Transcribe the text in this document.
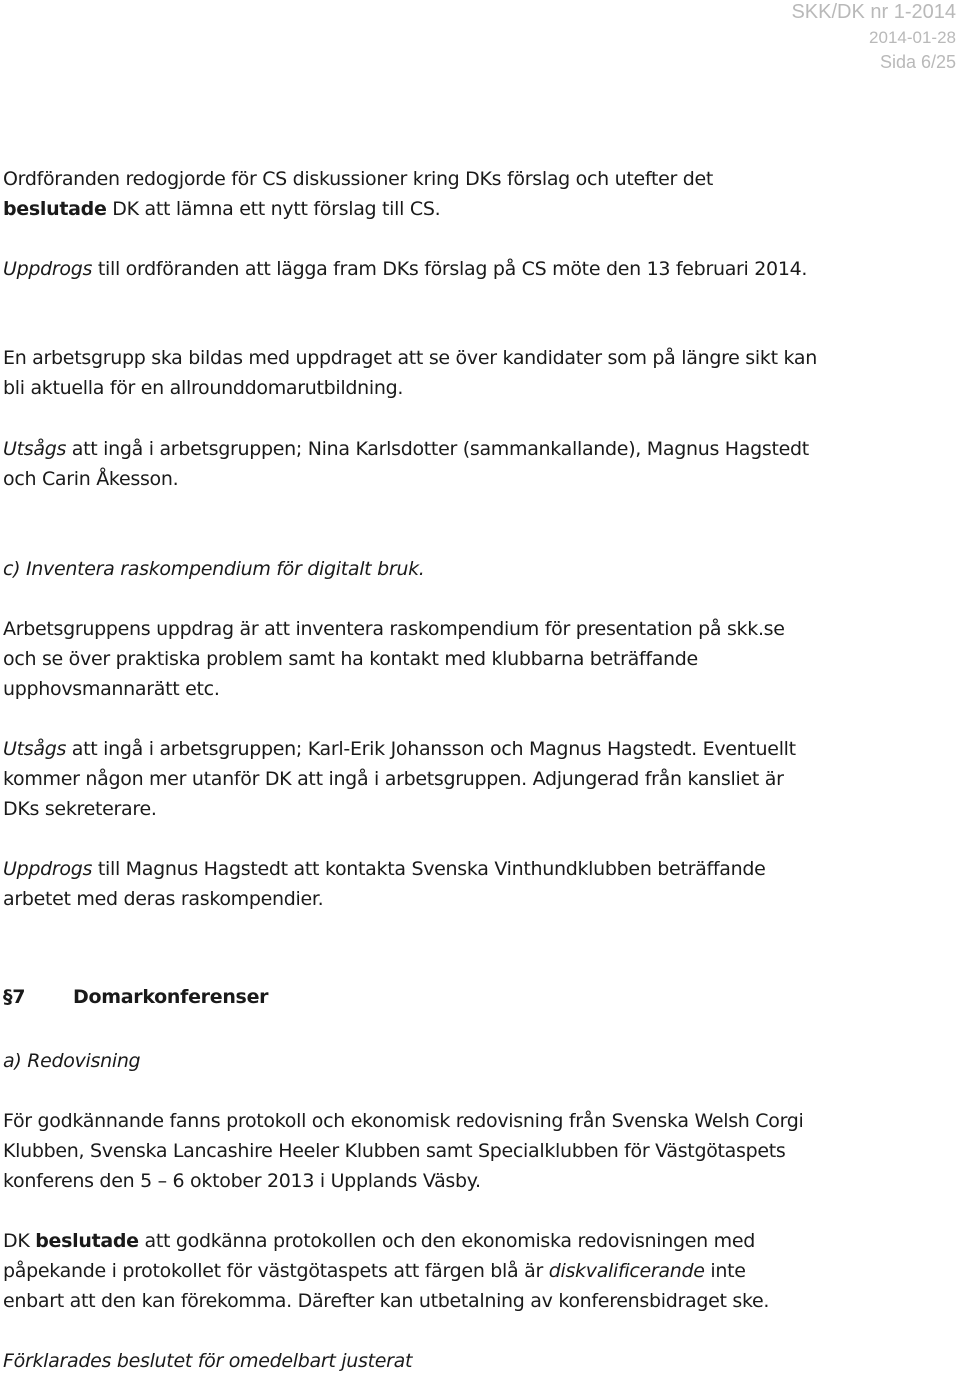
SKK/DK nr 1-2014
2014-01-28
Sida 6/25
Ordföranden redogjorde för CS diskussioner kring DKs förslag och utefter det
beslutade DK att lämna ett nytt förslag till CS.
Uppdrogs till ordföranden att lägga fram DKs förslag på CS möte den 13 februari 2014.
En arbetsgrupp ska bildas med uppdraget att se över kandidater som på längre sikt kan
bli aktuella för en allrounddomarutbildning.
Utsågs att ingå i arbetsgruppen; Nina Karlsdotter (sammankallande), Magnus Hagstedt
och Carin Åkesson.
c) Inventera raskompendium för digitalt bruk.
Arbetsgruppens uppdrag är att inventera raskompendium för presentation på skk.se
och se över praktiska problem samt ha kontakt med klubbarna beträffande
upphovsmannarätt etc.
Utsågs att ingå i arbetsgruppen; Karl-Erik Johansson och Magnus Hagstedt. Eventuellt
kommer någon mer utanför DK att ingå i arbetsgruppen. Adjungerad från kansliet är
DKs sekreterare.
Uppdrogs till Magnus Hagstedt att kontakta Svenska Vinthundklubben beträffande
arbetet med deras raskompendier.
§7	Domarkonferenser
a) Redovisning
För godkännande fanns protokoll och ekonomisk redovisning från Svenska Welsh Corgi
Klubben, Svenska Lancashire Heeler Klubben samt Specialklubben för Västgötaspets
konferens den 5 – 6 oktober 2013 i Upplands Väsby.
DK beslutade att godkänna protokollen och den ekonomiska redovisningen med
påpekande i protokollet för västgötaspets att färgen blå är diskvalificerande inte
enbart att den kan förekomma. Därefter kan utbetalning av konferensbidraget ske.
Förklarades beslutet för omedelbart justerat
